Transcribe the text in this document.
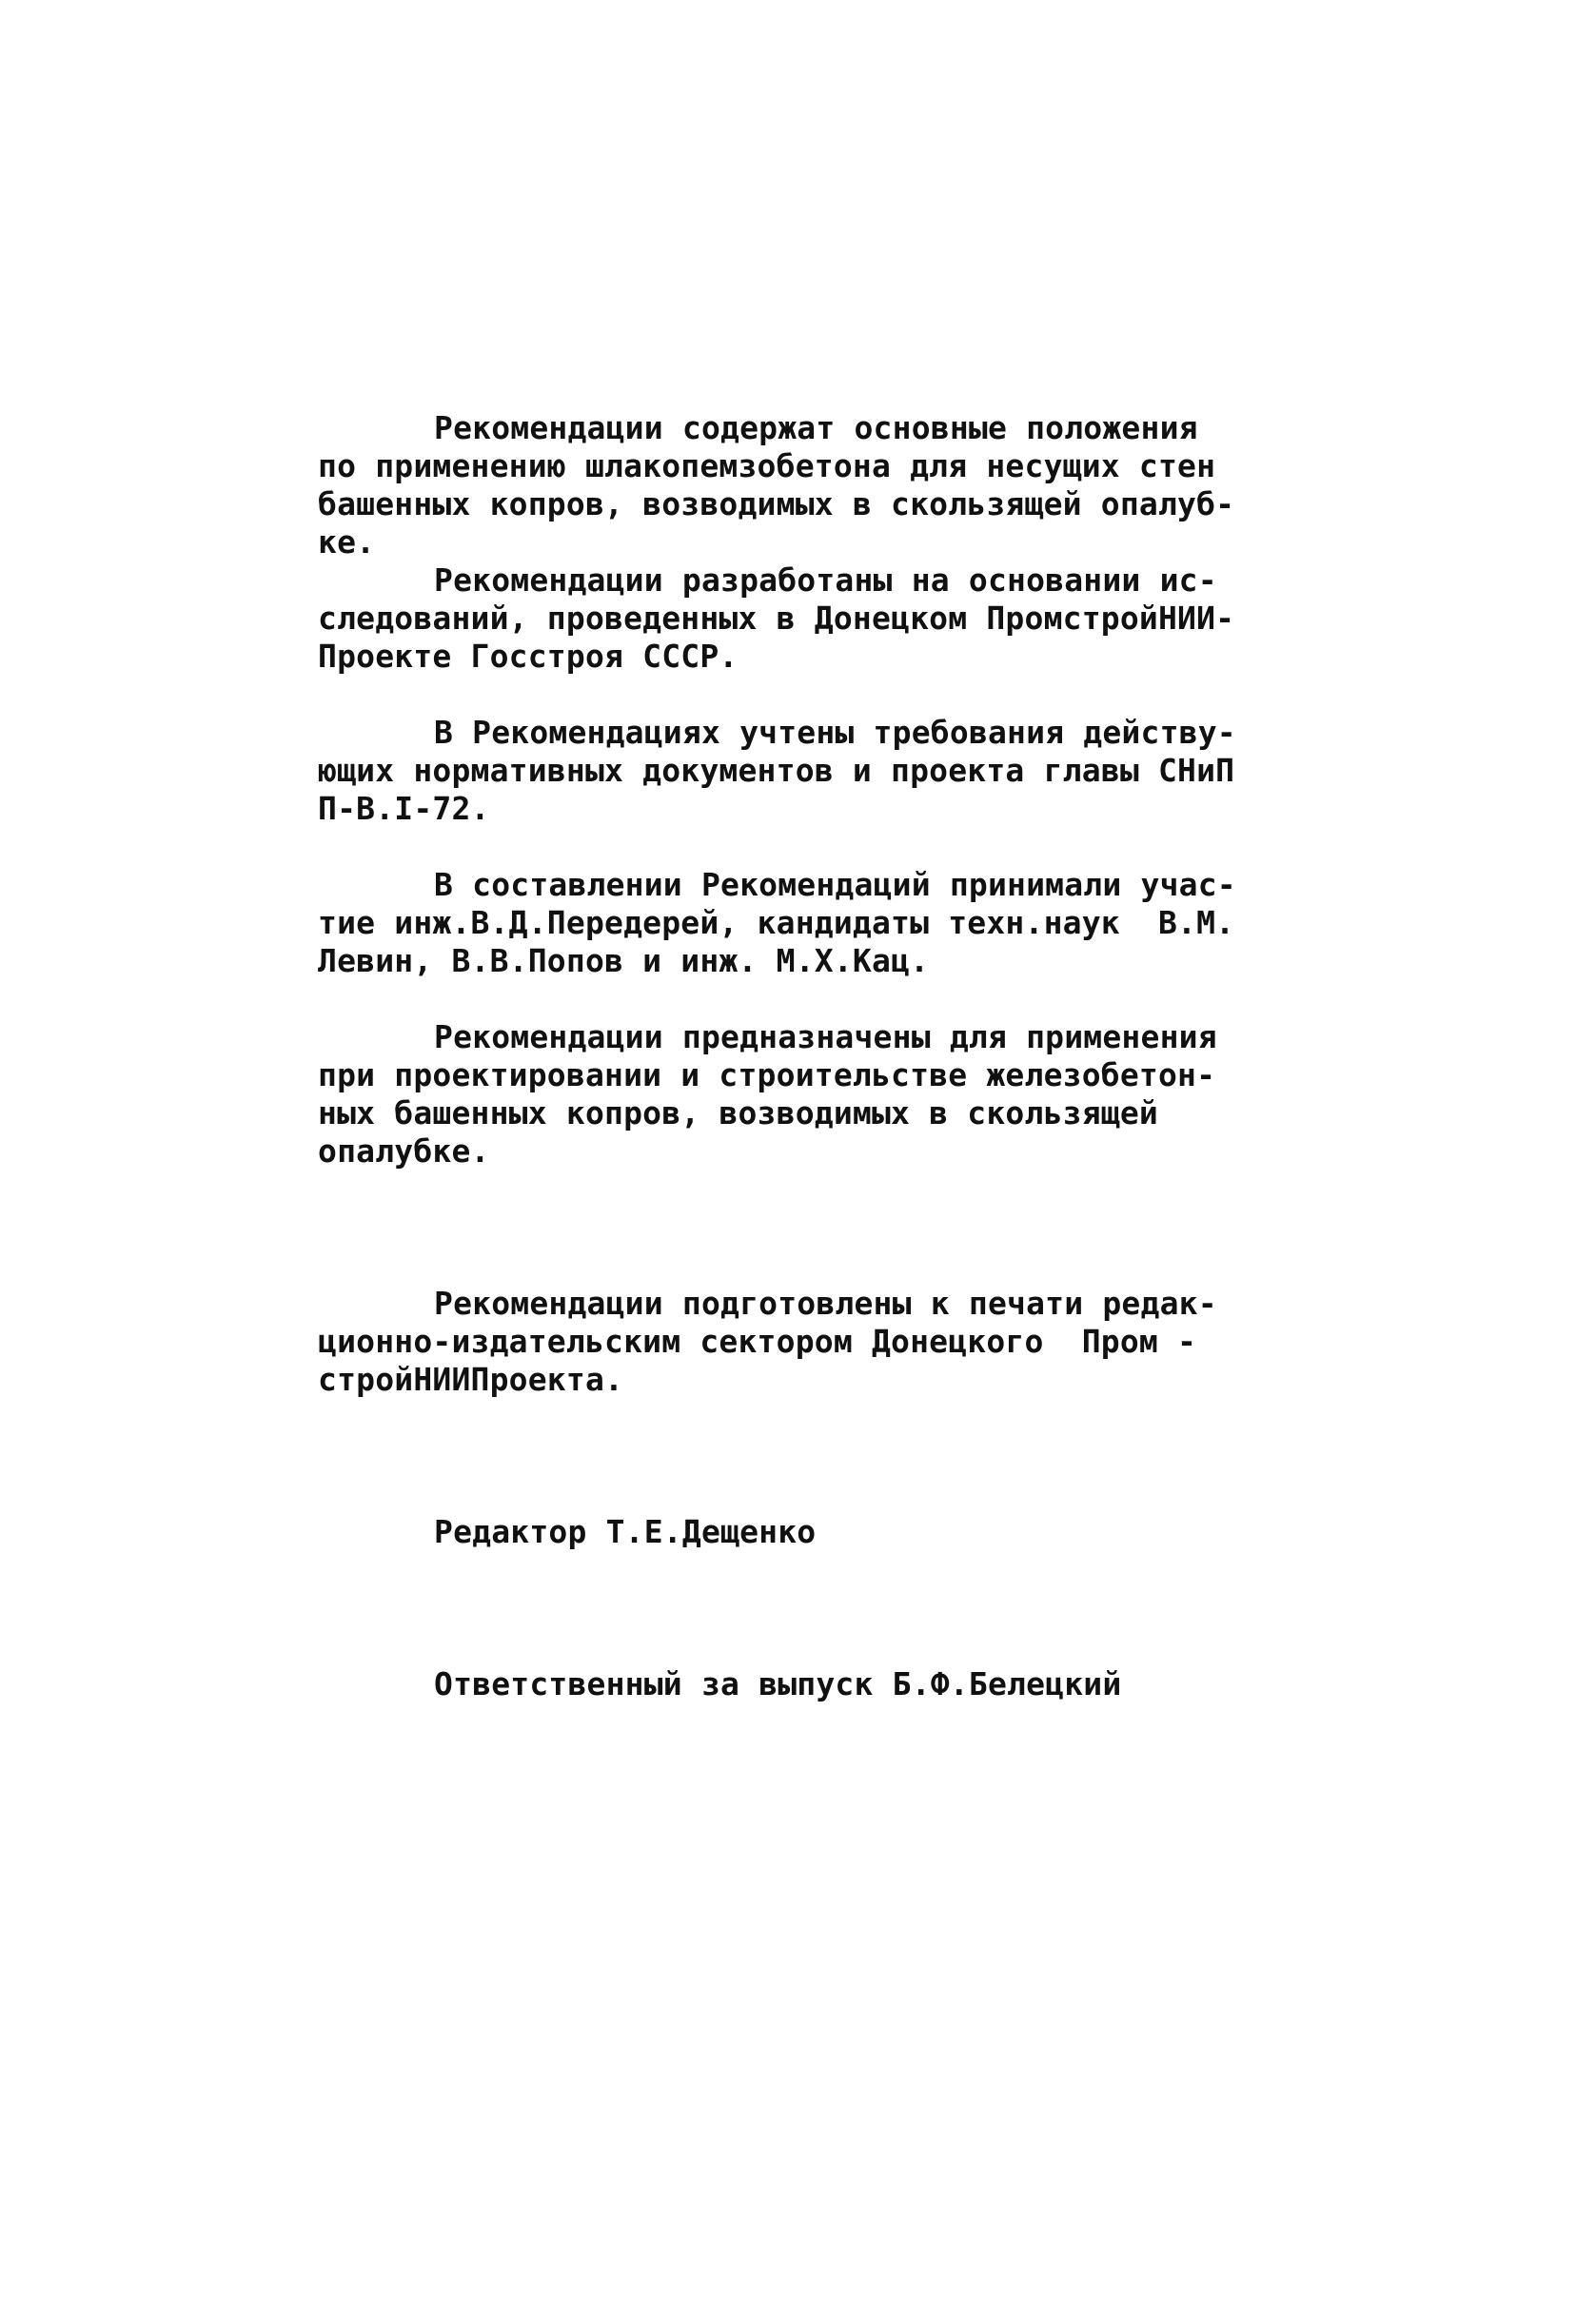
Рекомендации содержат основные положения
по применению шлакопемзобетона для несущих стен
башенных копров, возводимых в скользящей опалуб-
ке.
Рекомендации разработаны на основании ис-
следований, проведенных в Донецком ПромстройНИИ-
Проекте Госстроя СССР.
В Рекомендациях учтены требования действу-
ющих нормативных документов и проекта главы СНиП
П-В.I-72.
В составлении Рекомендаций принимали учас-
тие инж.В.Д.Передерей, кандидаты техн.наук  В.М.
Левин, В.В.Попов и инж. М.Х.Кац.
Рекомендации предназначены для применения
при проектировании и строительстве железобетон-
ных башенных копров, возводимых в скользящей
опалубке.
Рекомендации подготовлены к печати редак-
ционно-издательским сектором Донецкого  Пром -
стройНИИПроекта.
Редактор Т.Е.Дещенко
Ответственный за выпуск Б.Ф.Белецкий
